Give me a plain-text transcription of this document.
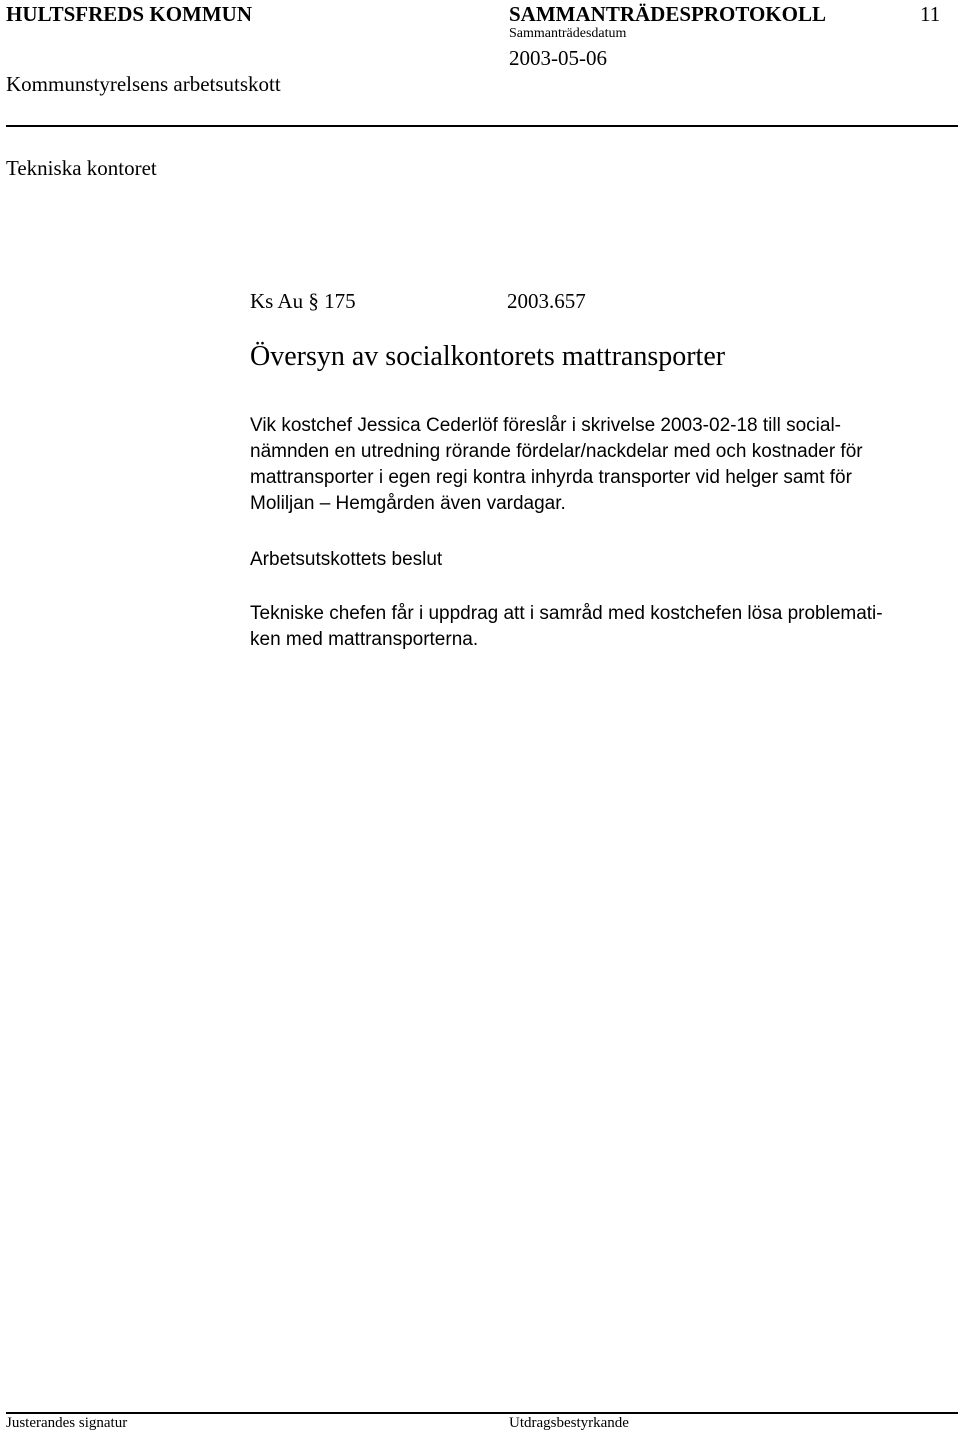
HULTSFREDS KOMMUN	SAMMANTRÄDESPROTOKOLL	11
Sammanträdesdatum
2003-05-06
Kommunstyrelsens arbetsutskott
Tekniska kontoret
Ks Au § 175	2003.657
Översyn av socialkontorets mattransporter
Vik kostchef Jessica Cederlöf föreslår i skrivelse 2003-02-18 till social-
nämnden en utredning rörande fördelar/nackdelar med och kostnader för
mattransporter i egen regi kontra inhyrda transporter vid helger samt för
Moliljan – Hemgården även vardagar.
Arbetsutskottets beslut
Tekniske chefen får i uppdrag att i samråd med kostchefen lösa problemati-
ken med mattransporterna.
Justerandes signatur	Utdragsbestyrkande
